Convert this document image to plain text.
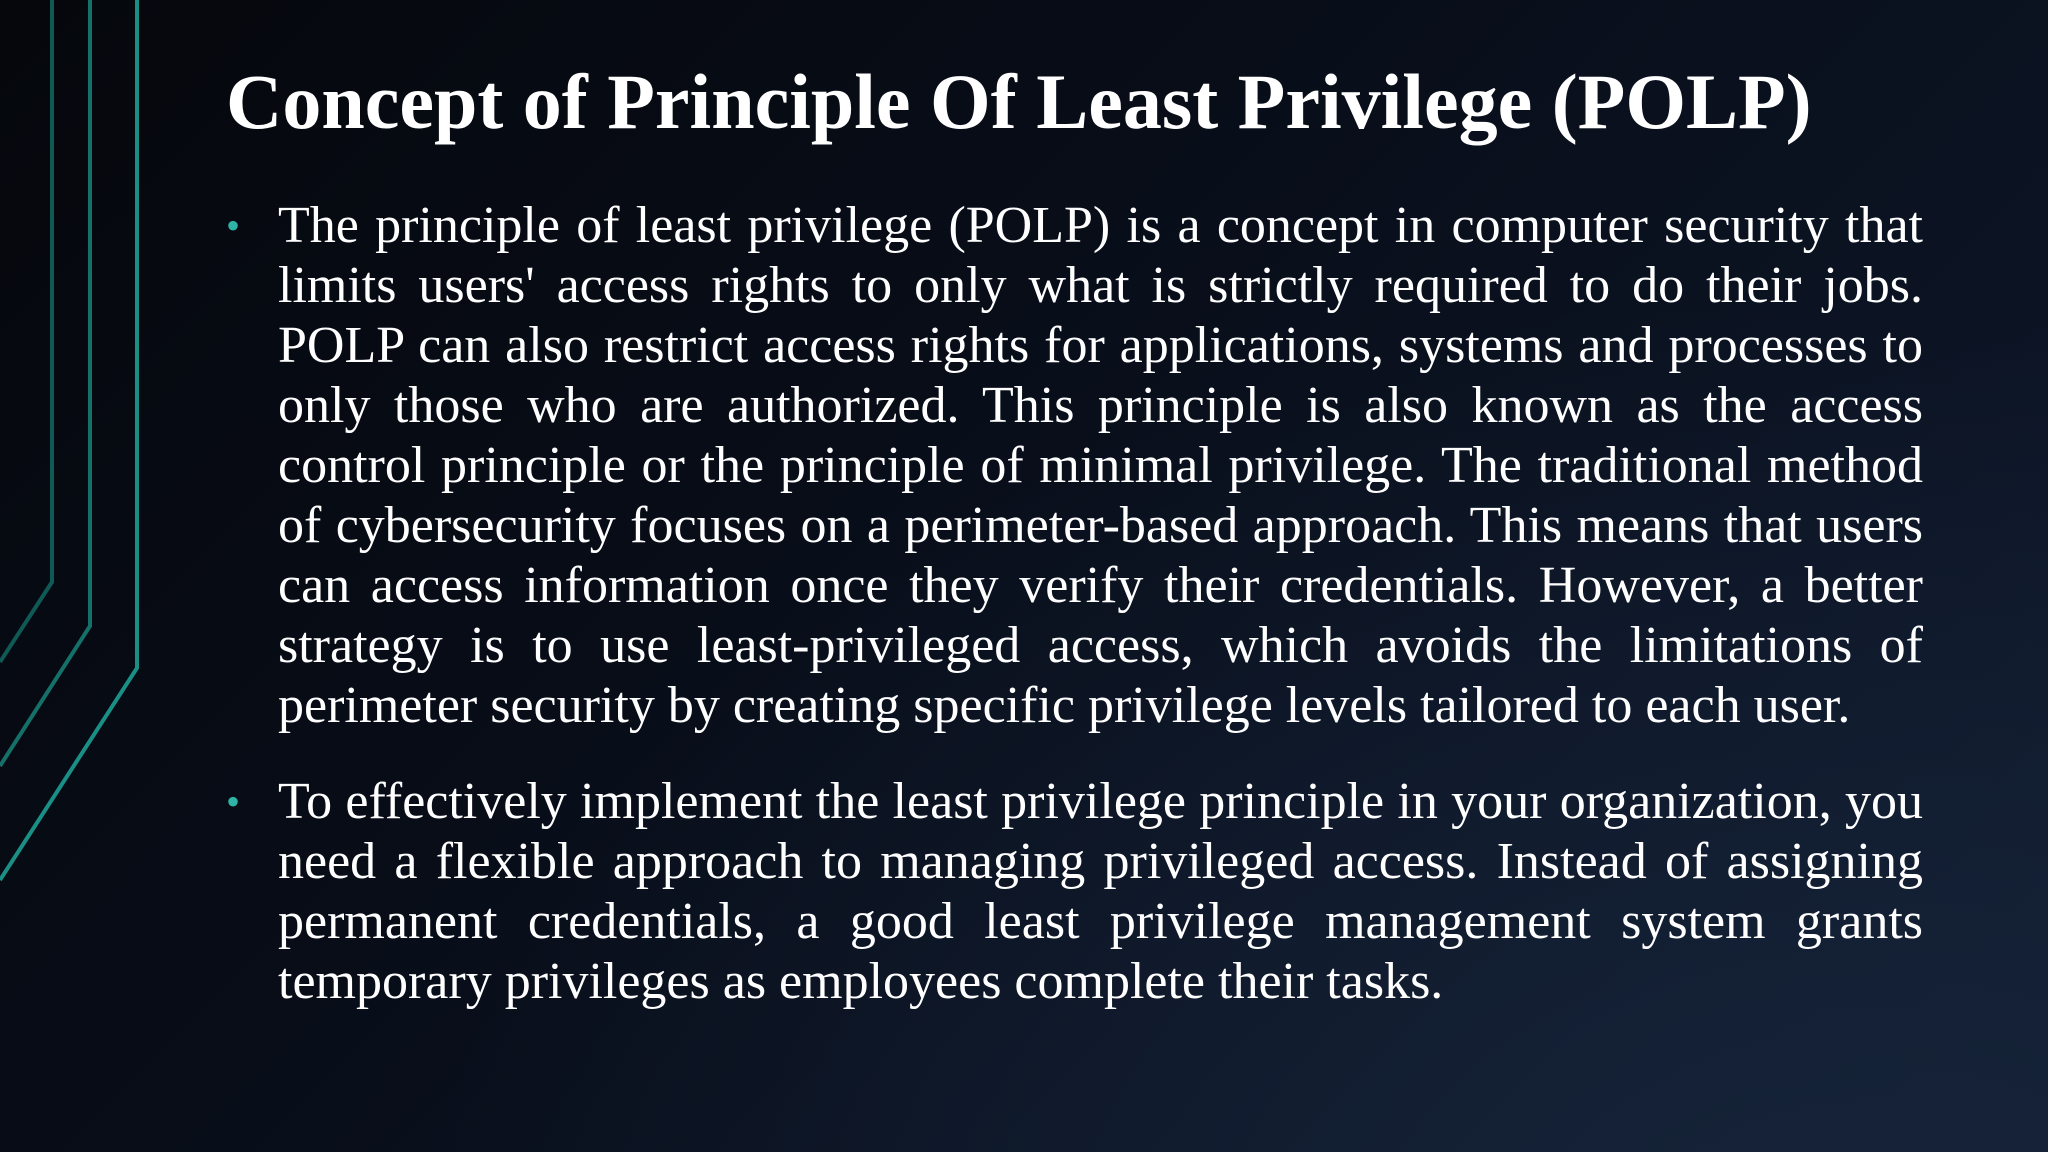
Concept of Principle Of Least Privilege (POLP)
• The principle of least privilege (POLP) is a concept in computer security that limits users' access rights to only what is strictly required to do their jobs. POLP can also restrict access rights for applications, systems and processes to only those who are authorized. This principle is also known as the access control principle or the principle of minimal privilege. The traditional method of cybersecurity focuses on a perimeter-based approach. This means that users can access information once they verify their credentials. However, a better strategy is to use least-privileged access, which avoids the limitations of perimeter security by creating specific privilege levels tailored to each user.
• To effectively implement the least privilege principle in your organization, you need a flexible approach to managing privileged access. Instead of assigning permanent credentials, a good least privilege management system grants temporary privileges as employees complete their tasks.
